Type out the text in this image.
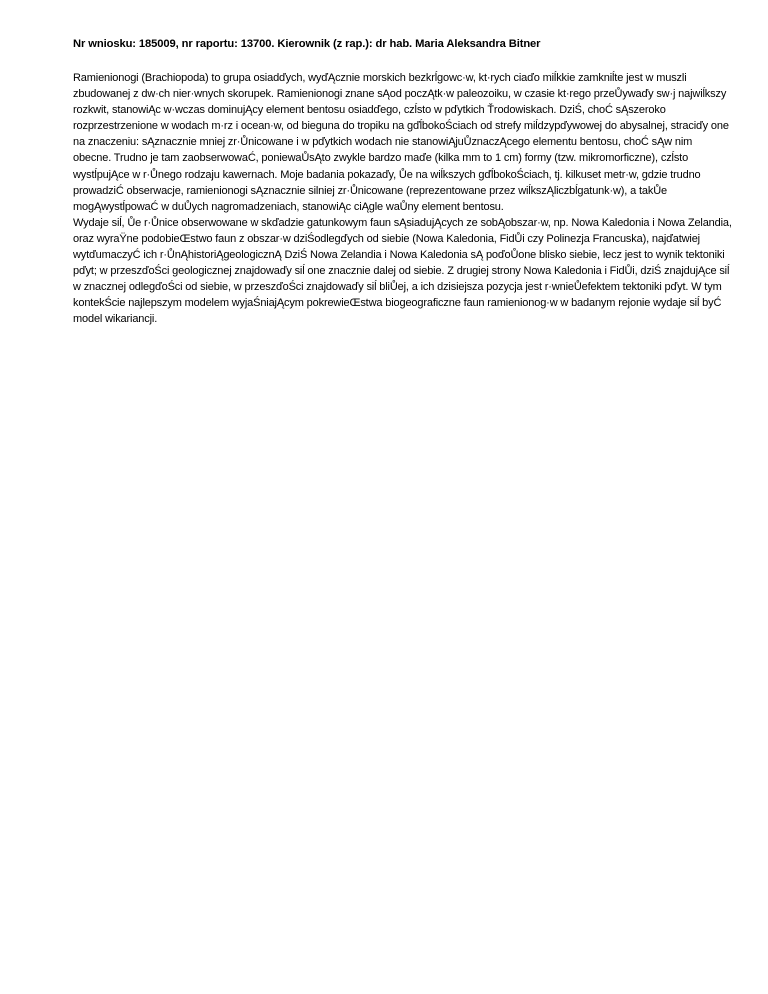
Nr wniosku: 185009, nr raportu: 13700. Kierownik (z rap.): dr hab. Maria Aleksandra Bitner

Ramienionogi (Brachiopoda) to grupa osiadďych, wyďĄcznie morskich bezkrĺgowc·w, kt·rych ciaďo miĺkkie zamkniĺte jest w muszli zbudowanej z dw·ch nier·wnych skorupek. Ramienionogi znane sĄod poczĄtk·w paleozoiku, w czasie kt·rego przeŮywaďy sw·j najwiĺkszy rozkwit, stanowiĄc w·wczas dominujĄcy element bentosu osiadďego, czĺsto w pďytkich Ťrodowiskach. DziŚ, choĆ sĄszeroko rozprzestrzenione w wodach m·rz i ocean·w, od bieguna do tropiku na gďĺbokoŚciach od strefy miĺdzypďywowej do abysalnej, straciďy one na znaczeniu: sĄznacznie mniej zr·Ůnicowane i w pďytkich wodach nie stanowiĄjuŮznaczĄcego elementu bentosu, choĆ sĄw nim obecne. Trudno je tam zaobserwowaĆ, poniewaŮsĄto zwykle bardzo maďe (kilka mm to 1 cm) formy (tzw. mikromorficzne), czĺsto wystĺpujĄce w r·Ůnego rodzaju kawernach. Moje badania pokazaďy, Ůe na wiĺkszych gďĺbokoŚciach, tj. kilkuset metr·w, gdzie trudno prowadziĆ obserwacje, ramienionogi sĄznacznie silniej zr·Ůnicowane (reprezentowane przez wiĺkszĄliczbĺgatunk·w), a takŮe mogĄwystĺpowaĆ w duŮych nagromadzeniach, stanowiĄc ciĄgle waŮny element bentosu.

Wydaje siĺ, Ůe r·Ůnice obserwowane w skďadzie gatunkowym faun sĄsiadujĄcych ze sobĄobszar·w, np. Nowa Kaledonia i Nowa Zelandia, oraz wyraŸne podobieŒstwo faun z obszar·w dziŚodlegďych od siebie (Nowa Kaledonia, FidŮi czy Polinezja Francuska), najďatwiej wytďumaczyĆ ich r·ŮnĄhistoriĄgeologicznĄ DziŚ Nowa Zelandia i Nowa Kaledonia sĄ poďoŮone blisko siebie, lecz jest to wynik tektoniki pďyt; w przeszďoŚci geologicznej znajdowaďy siĺ one znacznie dalej od siebie. Z drugiej strony Nowa Kaledonia i FidŮi, dziŚ znajdujĄce siĺ w znacznej odlegďoŚci od siebie, w przeszďoŚci znajdowaďy siĺ bliŮej, a ich dzisiejsza pozycja jest r·wnieŮefektem tektoniki pďyt. W tym kontekŚcie najlepszym modelem wyjaŚniajĄcym pokrewieŒstwa biogeograficzne faun ramienionog·w w badanym rejonie wydaje siĺ byĆ model wikariancji.
